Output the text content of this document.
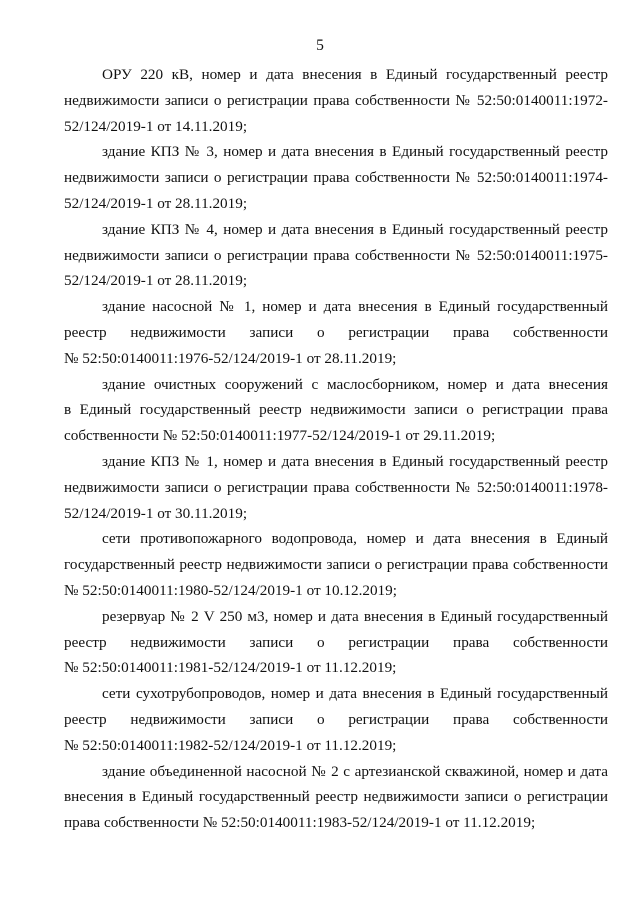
5
ОРУ 220 кВ, номер и дата внесения в Единый государственный реестр
недвижимости записи о регистрации права собственности № 52:50:0140011:1972-
52/124/2019-1 от 14.11.2019;
здание КПЗ № 3, номер и дата внесения в Единый государственный реестр
недвижимости записи о регистрации права собственности № 52:50:0140011:1974-
52/124/2019-1 от 28.11.2019;
здание КПЗ № 4, номер и дата внесения в Единый государственный реестр
недвижимости записи о регистрации права собственности № 52:50:0140011:1975-
52/124/2019-1 от 28.11.2019;
здание насосной № 1, номер и дата внесения в Единый государственный
реестр недвижимости записи о регистрации права собственности
№ 52:50:0140011:1976-52/124/2019-1 от 28.11.2019;
здание очистных сооружений с маслосборником, номер и дата внесения
в Единый государственный реестр недвижимости записи о регистрации права
собственности № 52:50:0140011:1977-52/124/2019-1 от 29.11.2019;
здание КПЗ № 1, номер и дата внесения в Единый государственный реестр
недвижимости записи о регистрации права собственности № 52:50:0140011:1978-
52/124/2019-1 от 30.11.2019;
сети противопожарного водопровода, номер и дата внесения в Единый
государственный реестр недвижимости записи о регистрации права собственности
№ 52:50:0140011:1980-52/124/2019-1 от 10.12.2019;
резервуар № 2 V 250 м3, номер и дата внесения в Единый государственный
реестр недвижимости записи о регистрации права собственности
№ 52:50:0140011:1981-52/124/2019-1 от 11.12.2019;
сети сухотрубопроводов, номер и дата внесения в Единый государственный
реестр недвижимости записи о регистрации права собственности
№ 52:50:0140011:1982-52/124/2019-1 от 11.12.2019;
здание объединенной насосной № 2 с артезианской скважиной, номер и дата
внесения в Единый государственный реестр недвижимости записи о регистрации
права собственности № 52:50:0140011:1983-52/124/2019-1 от 11.12.2019;
